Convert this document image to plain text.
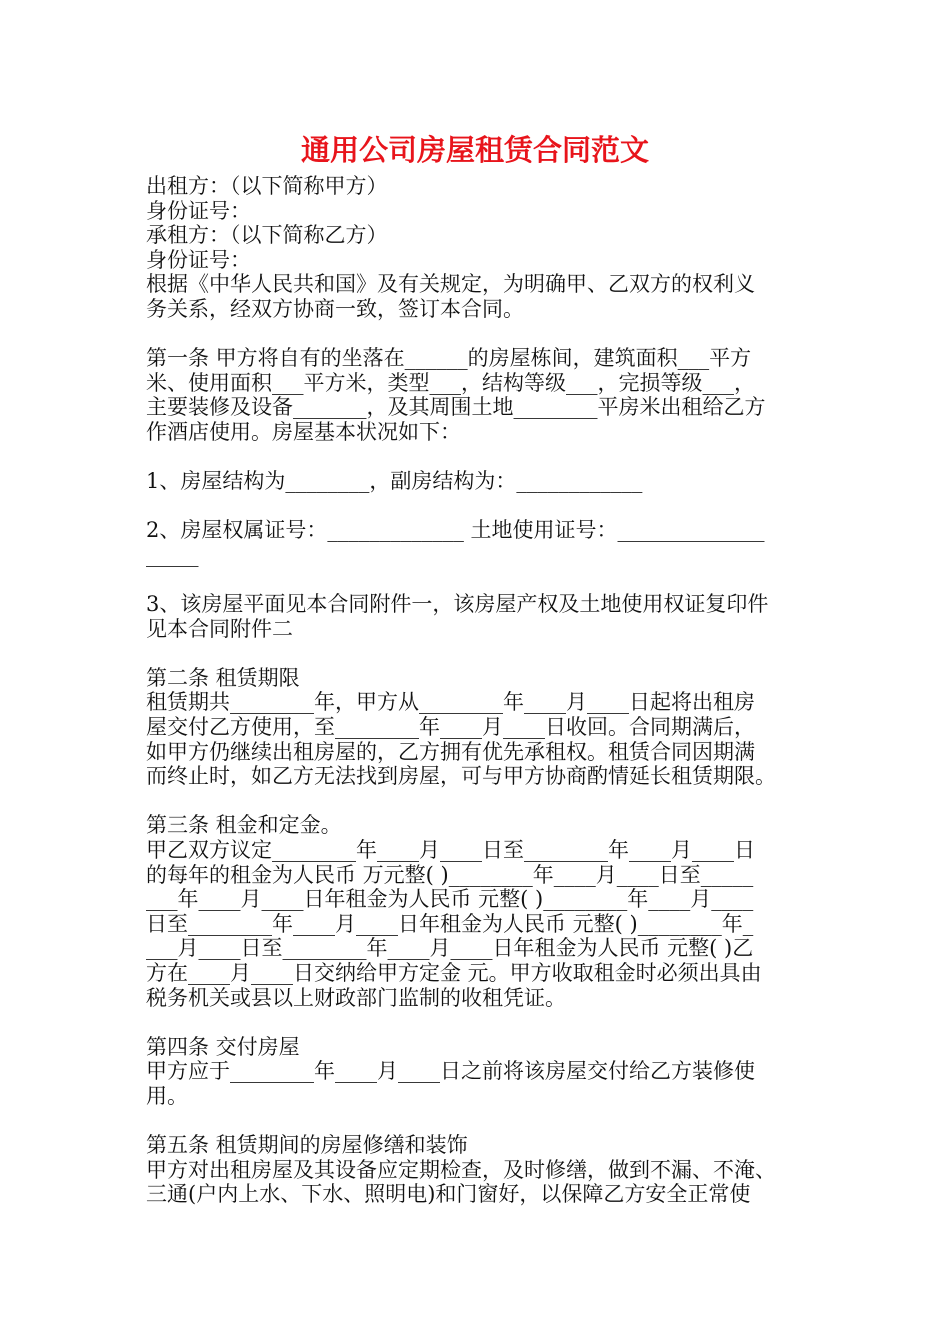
通用公司房屋租赁合同范文
出租方：（以下简称甲方）
身份证号：
承租方：（以下简称乙方）
身份证号：
根据《中华人民共和国》及有关规定，为明确甲、乙双方的权利义
务关系，经双方协商一致，签订本合同。
第一条 甲方将自有的坐落在______的房屋栋间，建筑面积___平方
米、使用面积___平方米，类型___，结构等级___，完损等级___，
主要装修及设备_______，及其周围土地________平房米出租给乙方
作酒店使用。房屋基本状况如下：
1、房屋结构为________，副房结构为：____________
2、房屋权属证号：_____________ 土地使用证号：______________
_____
3、该房屋平面见本合同附件一，该房屋产权及土地使用权证复印件
见本合同附件二
第二条 租赁期限
租赁期共________年，甲方从________年____月____日起将出租房
屋交付乙方使用，至________年____月____日收回。合同期满后，
如甲方仍继续出租房屋的，乙方拥有优先承租权。租赁合同因期满
而终止时，如乙方无法找到房屋，可与甲方协商酌情延长租赁期限。
第三条 租金和定金。
甲乙双方议定________年____月____日至________年____月____日
的每年的租金为人民币 万元整( )________年____月____日至_____
___年____月____日年租金为人民币 元整( )________年____月____
日至________年____月____日年租金为人民币 元整( )________年_
___月____日至________年____月____日年租金为人民币 元整( )乙
方在____月____日交纳给甲方定金 元。甲方收取租金时必须出具由
税务机关或县以上财政部门监制的收租凭证。
第四条 交付房屋
甲方应于________年____月____日之前将该房屋交付给乙方装修使
用。
第五条 租赁期间的房屋修缮和装饰
甲方对出租房屋及其设备应定期检查，及时修缮，做到不漏、不淹、
三通(户内上水、下水、照明电)和门窗好，以保障乙方安全正常使
